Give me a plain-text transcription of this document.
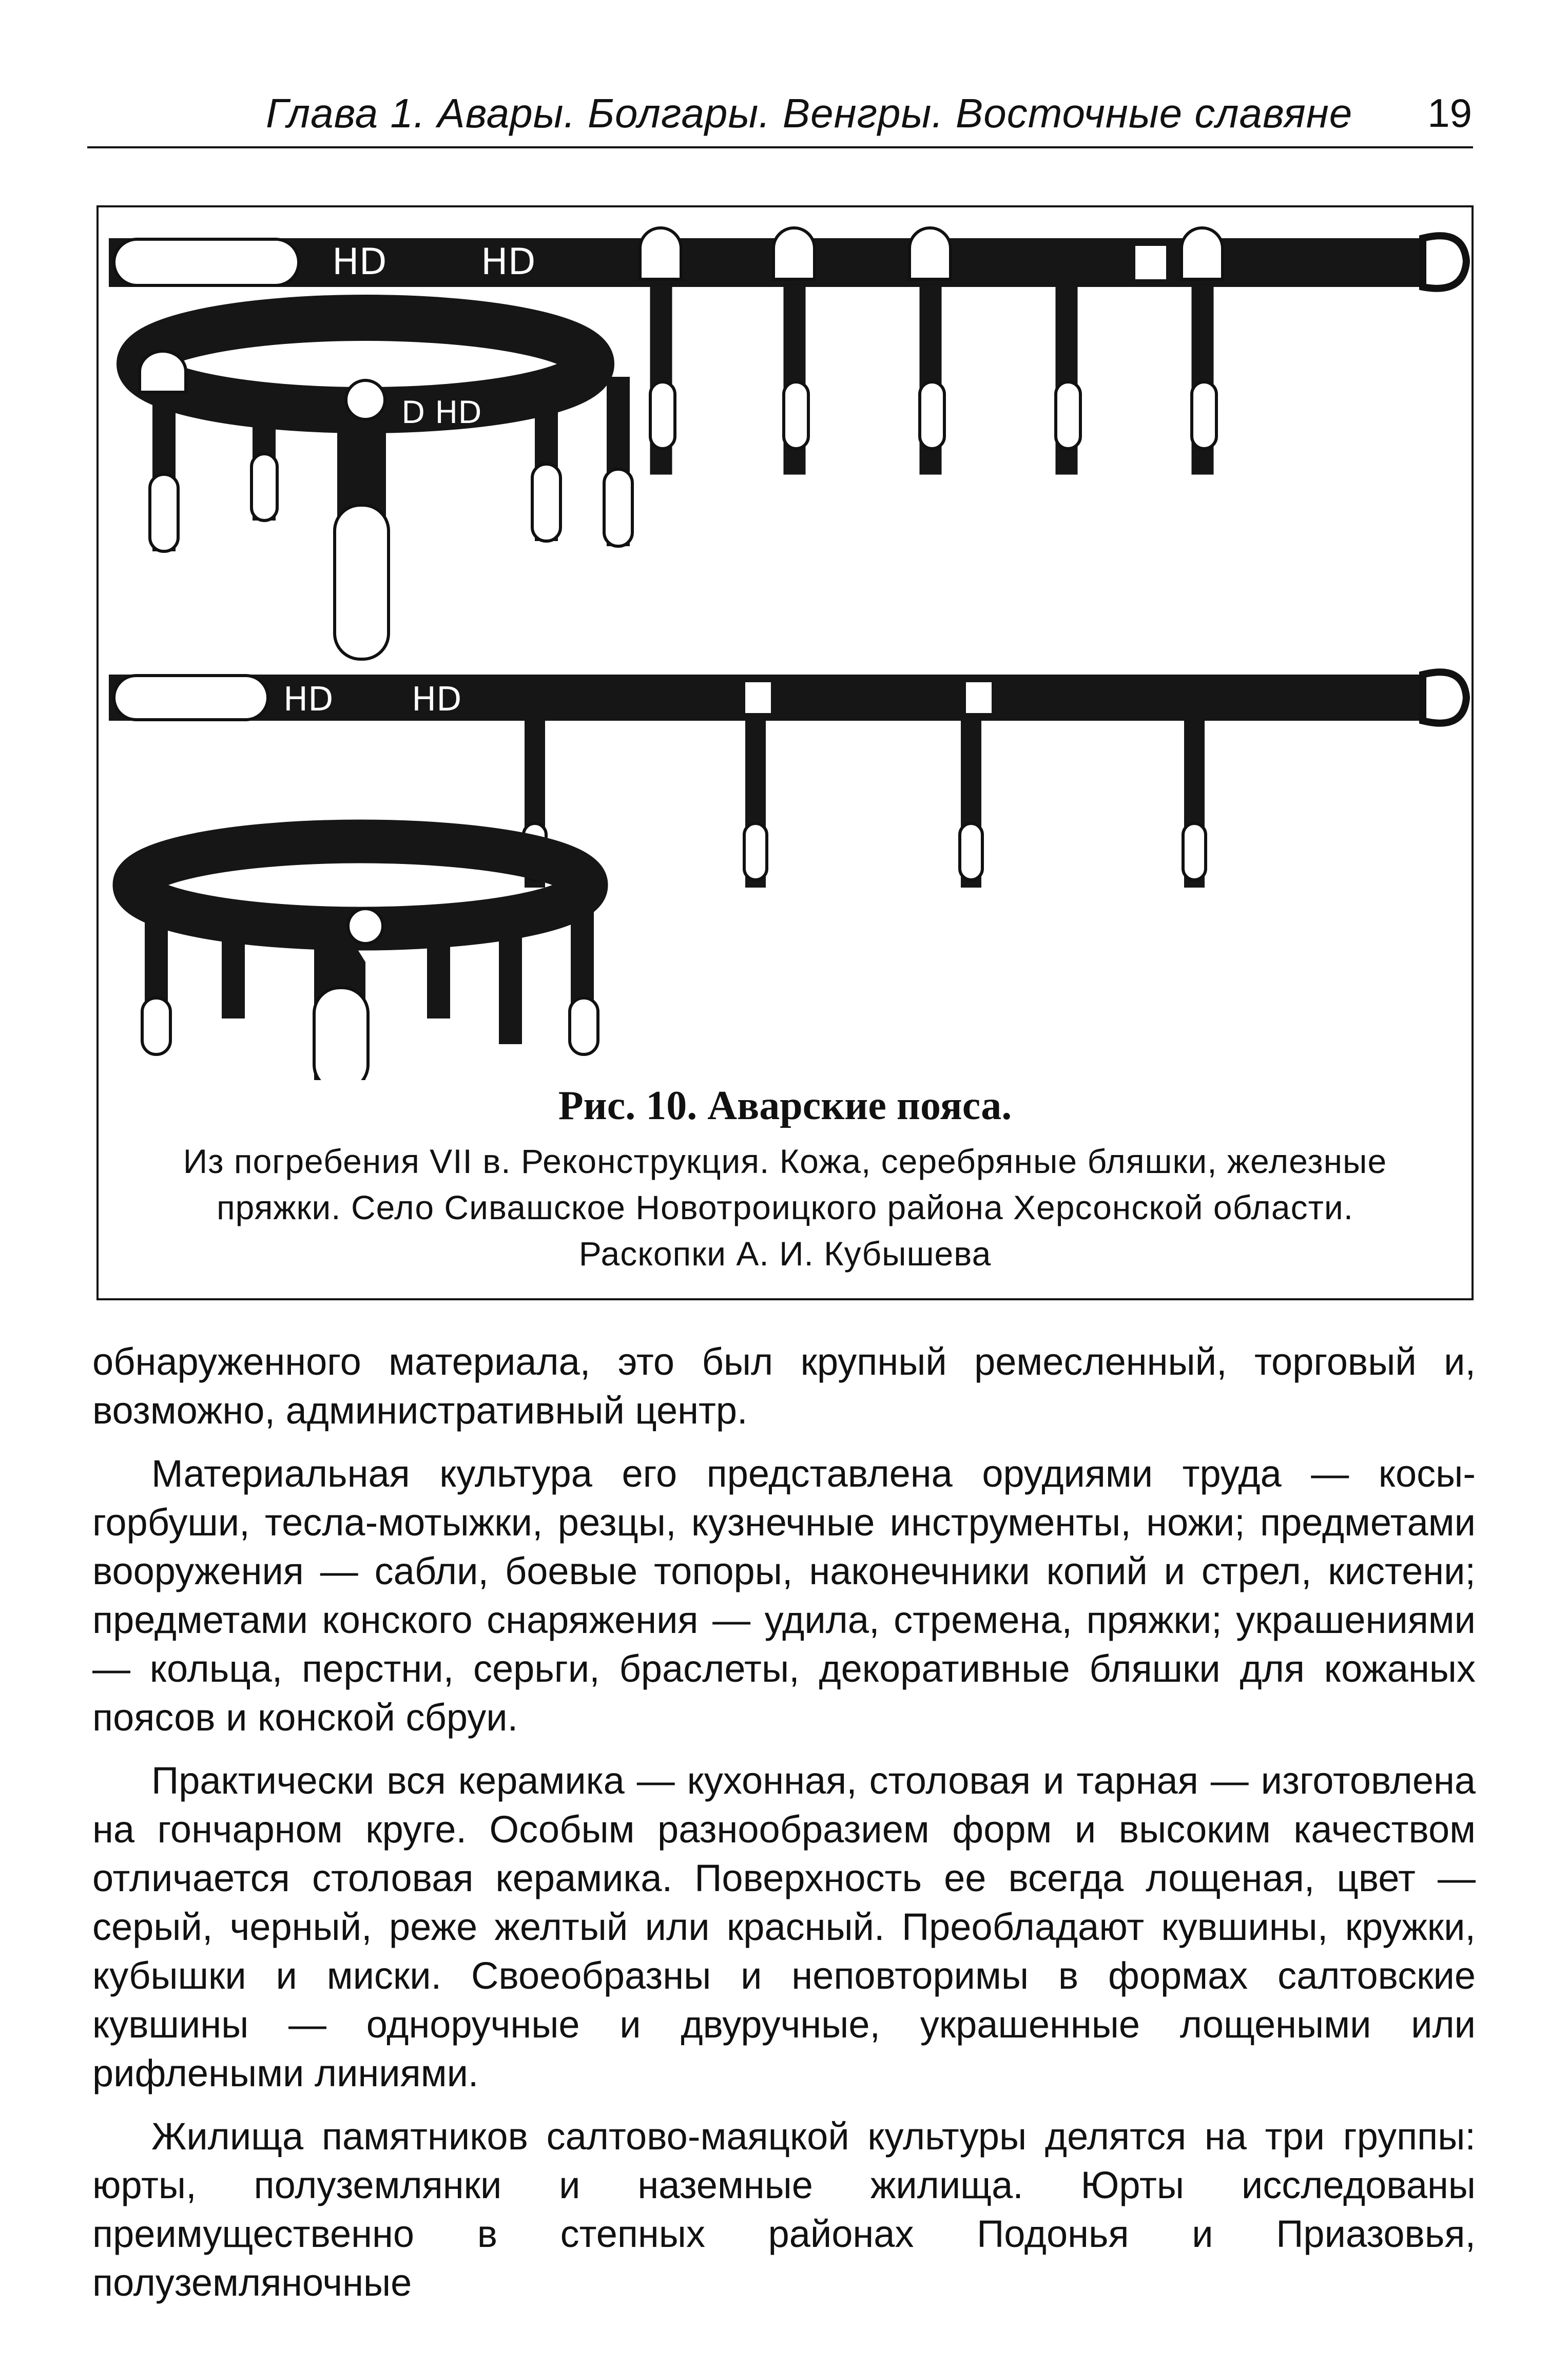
Глава 1. Авары. Болгары. Венгры. Восточные славяне 19
HD	HD
D HD
HD HD
Рис. 10. Аварские пояса.
Из погребения VII в. Реконструкция. Кожа, серебряные бляшки, железные
пряжки. Село Сивашское Новотроицкого района Херсонской области.
Раскопки А. И. Кубышева

обнаруженного материала, это был крупный ремесленный, торговый и, возможно, административный центр.

Материальная культура его представлена орудиями труда — косы-горбуши, тесла-мотыжки, резцы, кузнечные инструменты, ножи; предметами вооружения — сабли, боевые топоры, наконечники копий и стрел, кистени; предметами конского снаряжения — удила, стремена, пряжки; украшениями — кольца, перстни, серьги, браслеты, декоративные бляшки для кожаных поясов и конской сбруи.

Практически вся керамика — кухонная, столовая и тарная — изготовлена на гончарном круге. Особым разнообразием форм и высоким качеством отличается столовая керамика. Поверхность ее всегда лощеная, цвет — серый, черный, реже желтый или красный. Преобладают кувшины, кружки, кубышки и миски. Своеобразны и неповторимы в формах салтовские кувшины — одноручные и двуручные, украшенные лощеными или рифлеными линиями.

Жилища памятников салтово-маяцкой культуры делятся на три группы: юрты, полуземлянки и наземные жилища. Юрты исследованы преимущественно в степных районах Подонья и Приазовья, полуземляночные
